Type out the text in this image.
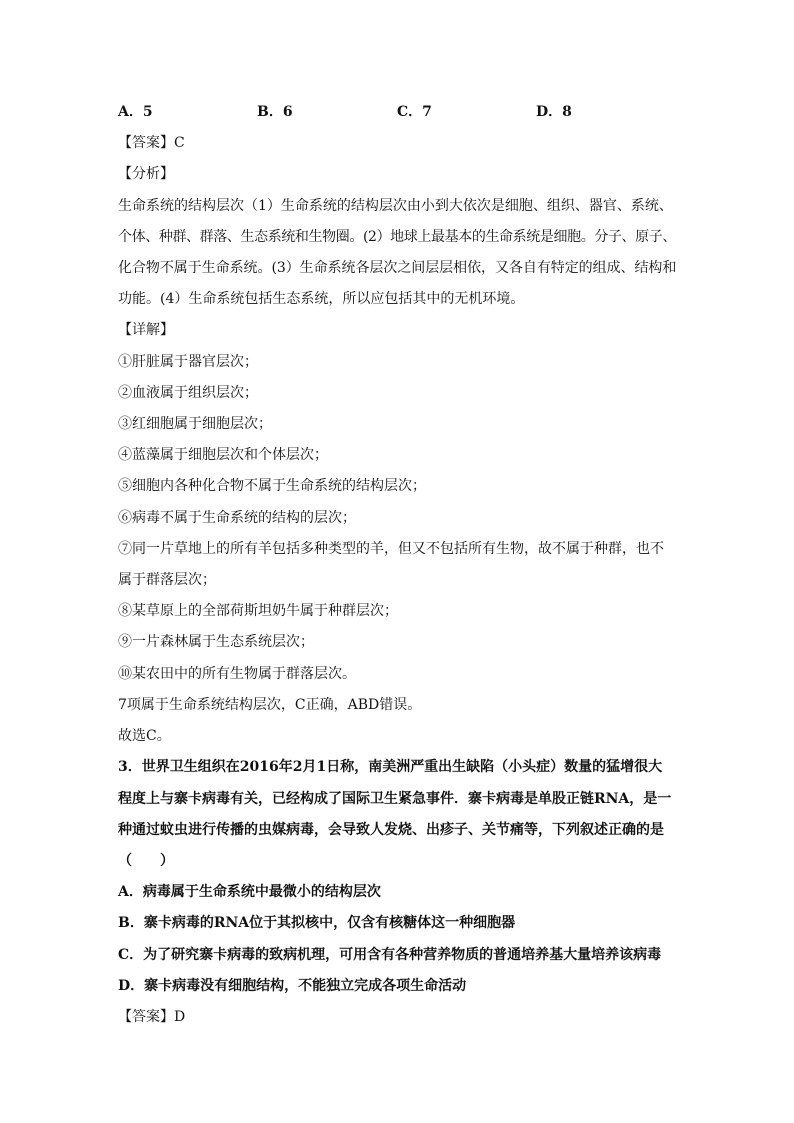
A．5	B．6	C．7	D．8
【答案】C
【分析】
生命系统的结构层次（1）生命系统的结构层次由小到大依次是细胞、组织、器官、系统、
个体、种群、群落、生态系统和生物圈。(2）地球上最基本的生命系统是细胞。分子、原子、
化合物不属于生命系统。(3）生命系统各层次之间层层相依，又各自有特定的组成、结构和
功能。(4）生命系统包括生态系统，所以应包括其中的无机环境。
【详解】
①肝脏属于器官层次；
②血液属于组织层次；
③红细胞属于细胞层次；
④蓝藻属于细胞层次和个体层次；
⑤细胞内各种化合物不属于生命系统的结构层次；
⑥病毒不属于生命系统的结构的层次；
⑦同一片草地上的所有羊包括多种类型的羊，但又不包括所有生物，故不属于种群，也不
属于群落层次；
⑧某草原上的全部荷斯坦奶牛属于种群层次；
⑨一片森林属于生态系统层次；
⑩某农田中的所有生物属于群落层次。
7项属于生命系统结构层次，C正确，ABD错误。
故选C。
3．世界卫生组织在2016年2月1日称，南美洲严重出生缺陷（小头症）数量的猛增很大
程度上与寨卡病毒有关，已经构成了国际卫生紧急事件．寨卡病毒是单股正链RNA，是一
种通过蚊虫进行传播的虫媒病毒，会导致人发烧、出疹子、关节痛等，下列叙述正确的是
（　　）
A．病毒属于生命系统中最微小的结构层次
B．寨卡病毒的RNA位于其拟核中，仅含有核糖体这一种细胞器
C．为了研究寨卡病毒的致病机理，可用含有各种营养物质的普通培养基大量培养该病毒
D．寨卡病毒没有细胞结构，不能独立完成各项生命活动
【答案】D
